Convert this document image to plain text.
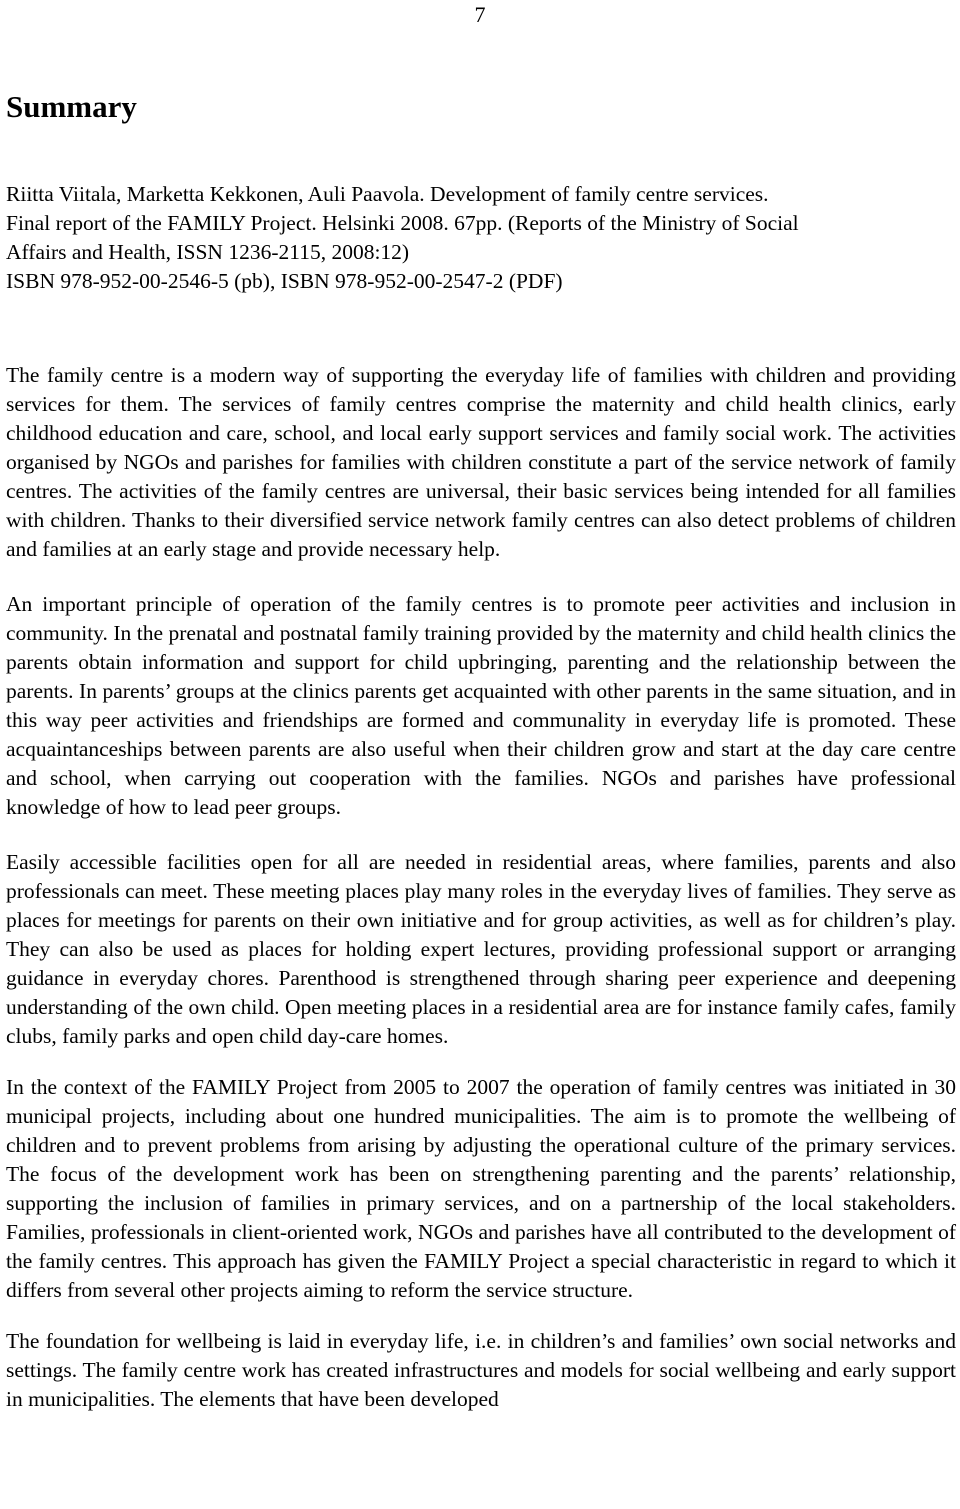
7
Summary
Riitta Viitala, Marketta Kekkonen, Auli Paavola. Development of family centre services.
Final report of the FAMILY Project. Helsinki 2008. 67pp. (Reports of the Ministry of Social
Affairs and Health, ISSN 1236-2115, 2008:12)
ISBN 978-952-00-2546-5 (pb), ISBN 978-952-00-2547-2 (PDF)

The family centre is a modern way of supporting the everyday life of families with children and providing services for them. The services of family centres comprise the maternity and child health clinics, early childhood education and care, school, and local early support services and family social work. The activities organised by NGOs and parishes for families with children constitute a part of the service network of family centres. The activities of the family centres are universal, their basic services being intended for all families with children. Thanks to their diversified service network family centres can also detect problems of children and families at an early stage and provide necessary help.

An important principle of operation of the family centres is to promote peer activities and inclusion in community. In the prenatal and postnatal family training provided by the maternity and child health clinics the parents obtain information and support for child upbringing, parenting and the relationship between the parents. In parents’ groups at the clinics parents get acquainted with other parents in the same situation, and in this way peer activities and friendships are formed and communality in everyday life is promoted. These acquaintanceships between parents are also useful when their children grow and start at the day care centre and school, when carrying out cooperation with the families. NGOs and parishes have professional knowledge of how to lead peer groups.

Easily accessible facilities open for all are needed in residential areas, where families, parents and also professionals can meet. These meeting places play many roles in the everyday lives of families. They serve as places for meetings for parents on their own initiative and for group activities, as well as for children’s play. They can also be used as places for holding expert lectures, providing professional support or arranging guidance in everyday chores. Parenthood is strengthened through sharing peer experience and deepening understanding of the own child. Open meeting places in a residential area are for instance family cafes, family clubs, family parks and open child day-care homes.

In the context of the FAMILY Project from 2005 to 2007 the operation of family centres was initiated in 30 municipal projects, including about one hundred municipalities. The aim is to promote the wellbeing of children and to prevent problems from arising by adjusting the operational culture of the primary services. The focus of the development work has been on strengthening parenting and the parents’ relationship, supporting the inclusion of families in primary services, and on a partnership of the local stakeholders. Families, professionals in client-oriented work, NGOs and parishes have all contributed to the development of the family centres. This approach has given the FAMILY Project a special characteristic in regard to which it differs from several other projects aiming to reform the service structure.

The foundation for wellbeing is laid in everyday life, i.e. in children’s and families’ own social networks and settings. The family centre work has created infrastructures and models for social wellbeing and early support in municipalities. The elements that have been developed
